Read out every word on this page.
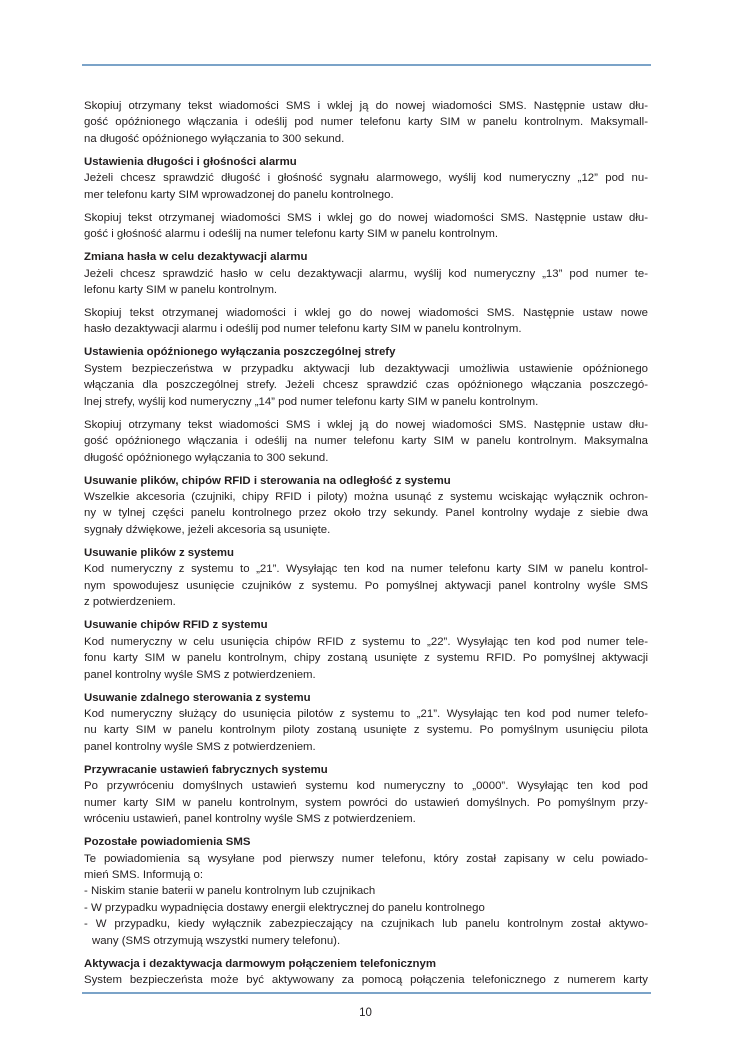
Skopiuj otrzymany tekst wiadomości SMS i wklej ją do nowej wiadomości SMS. Następnie ustaw dłu-
gość opóźnionego włączania i odeślij pod numer telefonu karty SIM w panelu kontrolnym. Maksymall-
na długość opóźnionego wyłączania to 300 sekund.
Ustawienia długości i głośności alarmu
Jeżeli chcesz sprawdzić długość i głośność sygnału alarmowego, wyślij kod numeryczny „12” pod nu-
mer telefonu karty SIM wprowadzonej do panelu kontrolnego.
Skopiuj tekst otrzymanej wiadomości SMS i wklej go do nowej wiadomości SMS. Następnie ustaw dłu-
gość i głośność alarmu i odeślij na numer telefonu karty SIM w panelu kontrolnym.
Zmiana hasła w celu dezaktywacji alarmu
Jeżeli chcesz sprawdzić hasło w celu dezaktywacji alarmu, wyślij kod numeryczny „13” pod numer te-
lefonu karty SIM w panelu kontrolnym.
Skopiuj tekst otrzymanej wiadomości i wklej go do nowej wiadomości SMS. Następnie ustaw nowe
hasło dezaktywacji alarmu i odeślij pod numer telefonu karty SIM w panelu kontrolnym.
Ustawienia opóźnionego wyłączania poszczególnej strefy
System bezpieczeństwa w przypadku aktywacji lub dezaktywacji umożliwia ustawienie opóźnionego
włączania dla poszczególnej strefy. Jeżeli chcesz sprawdzić czas opóźnionego włączania poszczegó-
lnej strefy, wyślij kod numeryczny „14” pod numer telefonu karty SIM w panelu kontrolnym.
Skopiuj otrzymany tekst wiadomości SMS i wklej ją do nowej wiadomości SMS. Następnie ustaw dłu-
gość opóźnionego włączania i odeślij na numer telefonu karty SIM w panelu kontrolnym. Maksymalna
długość opóźnionego wyłączania to 300 sekund.
Usuwanie plików, chipów RFID i sterowania na odległość z systemu
Wszelkie akcesoria (czujniki, chipy RFID i piloty) można usunąć z systemu wciskając wyłącznik ochron-
ny w tylnej części panelu kontrolnego przez około trzy sekundy. Panel kontrolny wydaje z siebie dwa
sygnały dźwiękowe, jeżeli akcesoria są usunięte.
Usuwanie plików z systemu
Kod numeryczny z systemu to „21”. Wysyłając ten kod na numer telefonu karty SIM w panelu kontrol-
nym spowodujesz usunięcie czujników z systemu. Po pomyślnej aktywacji panel kontrolny wyśle SMS
z potwierdzeniem.
Usuwanie chipów RFID z systemu
Kod numeryczny w celu usunięcia chipów RFID z systemu to „22”. Wysyłając ten kod pod numer tele-
fonu karty SIM w panelu kontrolnym, chipy zostaną usunięte z systemu RFID. Po pomyślnej aktywacji
panel kontrolny wyśle SMS z potwierdzeniem.
Usuwanie zdalnego sterowania z systemu
Kod numeryczny służący do usunięcia pilotów z systemu to „21”. Wysyłając ten kod pod numer telefo-
nu karty SIM w panelu kontrolnym piloty zostaną usunięte z systemu. Po pomyślnym usunięciu pilota
panel kontrolny wyśle SMS z potwierdzeniem.
Przywracanie ustawień fabrycznych systemu
Po przywróceniu domyślnych ustawień systemu kod numeryczny to „0000”. Wysyłając ten kod pod
numer karty SIM w panelu kontrolnym, system powróci do ustawień domyślnych. Po pomyślnym przy-
wróceniu ustawień, panel kontrolny wyśle SMS z potwierdzeniem.
Pozostałe powiadomienia SMS
Te powiadomienia są wysyłane pod pierwszy numer telefonu, który został zapisany w celu powiado-
mień SMS. Informują o:
- Niskim stanie baterii w panelu kontrolnym lub czujnikach
- W przypadku wypadnięcia dostawy energii elektrycznej do panelu kontrolnego
- W przypadku, kiedy wyłącznik zabezpieczający na czujnikach lub panelu kontrolnym został aktywo-
wany (SMS otrzymują wszystki numery telefonu).
Aktywacja i dezaktywacja darmowym połączeniem telefonicznym
System bezpieczeństa może być aktywowany za pomocą połączenia telefonicznego z numerem karty
10
